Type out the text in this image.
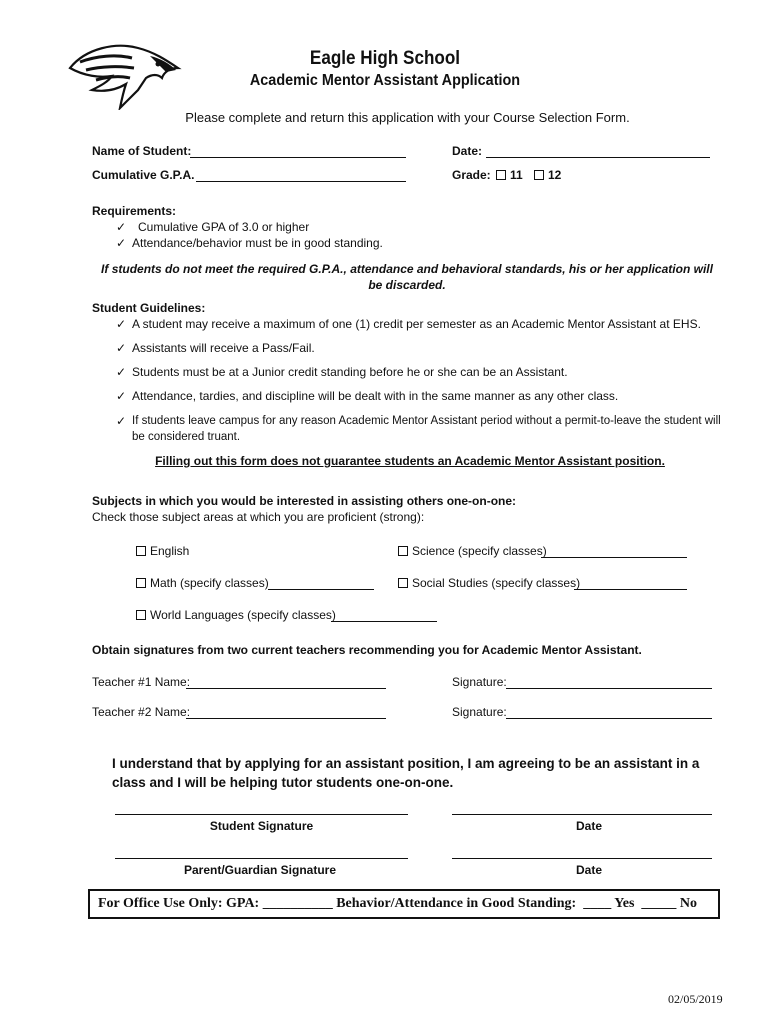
Eagle High School
Academic Mentor Assistant Application
Please complete and return this application with your Course Selection Form.
Name of Student:	Date:
Cumulative G.P.A.	Grade:	11	12
Requirements:
✓ Cumulative GPA of 3.0 or higher
✓ Attendance/behavior must be in good standing.
If students do not meet the required G.P.A., attendance and behavioral standards, his or her application will be discarded.
Student Guidelines:
✓ A student may receive a maximum of one (1) credit per semester as an Academic Mentor Assistant at EHS.
✓ Assistants will receive a Pass/Fail.
✓ Students must be at a Junior credit standing before he or she can be an Assistant.
✓ Attendance, tardies, and discipline will be dealt with in the same manner as any other class.
✓ If students leave campus for any reason Academic Mentor Assistant period without a permit-to-leave the student will be considered truant.
Filling out this form does not guarantee students an Academic Mentor Assistant position.
Subjects in which you would be interested in assisting others one-on-one:
Check those subject areas at which you are proficient (strong):
English	Science (specify classes)
Math (specify classes)	Social Studies (specify classes)
World Languages (specify classes)
Obtain signatures from two current teachers recommending you for Academic Mentor Assistant.
Teacher #1 Name:	Signature:
Teacher #2 Name:	Signature:
I understand that by applying for an assistant position, I am agreeing to be an assistant in a class and I will be helping tutor students one-on-one.
Student Signature	Date
Parent/Guardian Signature	Date
For Office Use Only: GPA: __________ Behavior/Attendance in Good Standing: ____ Yes _____ No
02/05/2019
